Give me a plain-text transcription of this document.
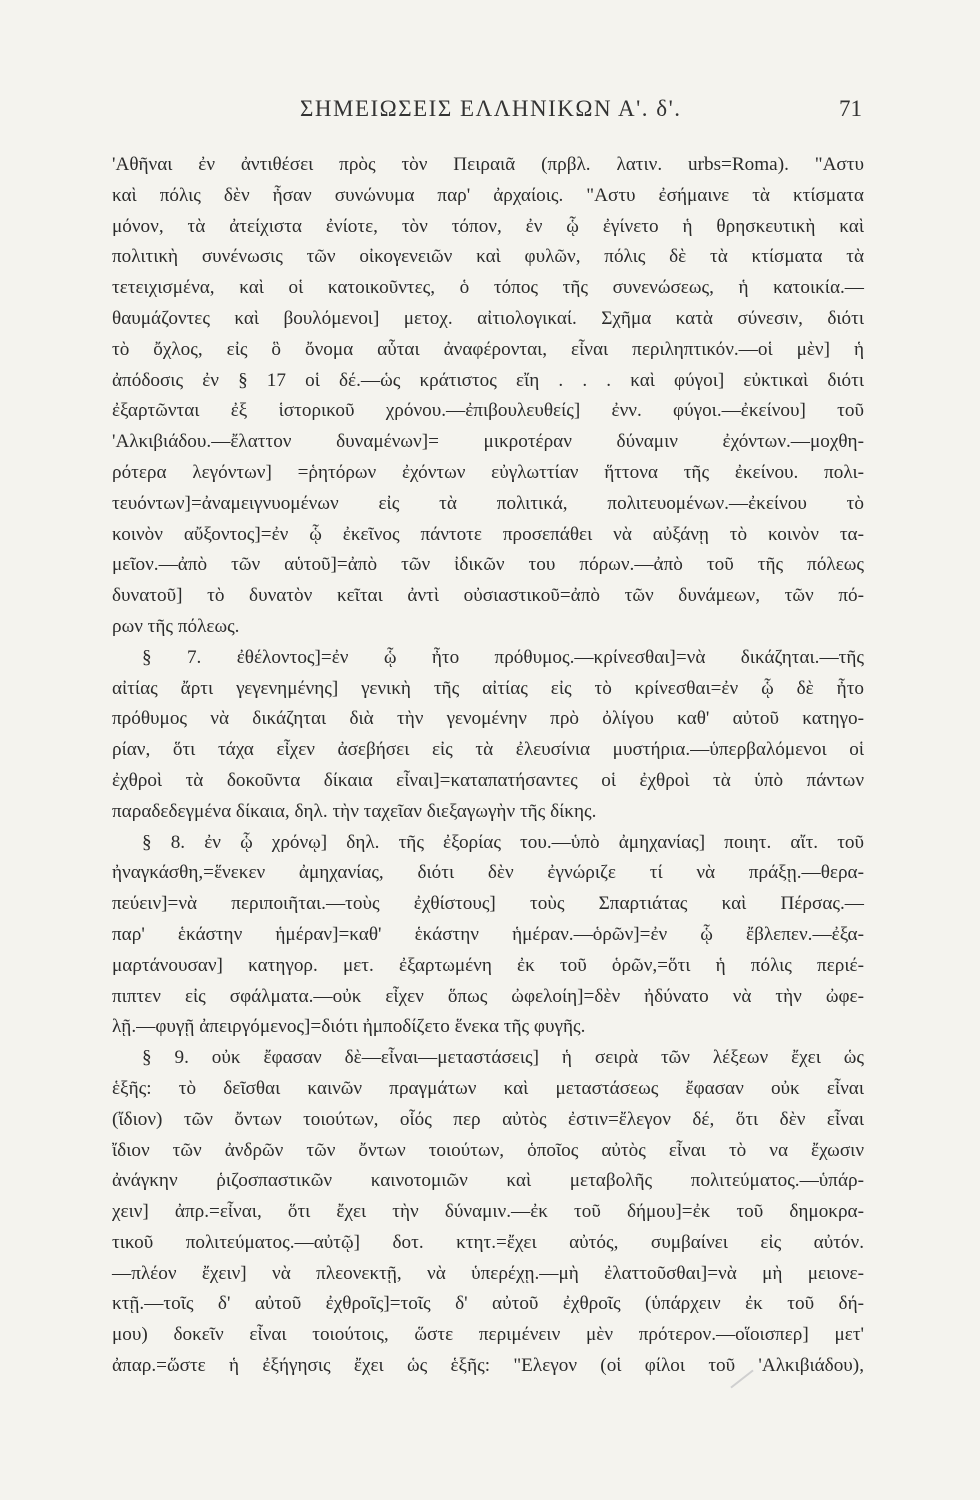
ΣΗΜΕΙΩΣΕΙΣ ΕΛΛΗΝΙΚΩΝ Α'. δ'.	71
'Αθῆναι ἐν ἀντιθέσει πρὸς τὸν Πειραιᾶ (πρβλ. λατιν. urbs=Roma). "Αστυ
καὶ πόλις δὲν ἦσαν συνώνυμα παρ' ἀρχαίοις. "Αστυ ἐσήμαινε τὰ κτίσματα
μόνον, τὰ ἀτείχιστα ἐνίοτε, τὸν τόπον, ἐν ᾧ ἐγίνετο ἡ θρησκευτικὴ καὶ
πολιτικὴ συνένωσις τῶν οἰκογενειῶν καὶ φυλῶν, πόλις δὲ τὰ κτίσματα τὰ
τετειχισμένα, καὶ οἱ κατοικοῦντες, ὁ τόπος τῆς συνενώσεως, ἡ κατοικία.—
θαυμάζοντες καὶ βουλόμενοι] μετοχ. αἰτιολογικαί. Σχῆμα κατὰ σύνεσιν, διότι
τὸ ὄχλος, εἰς ὃ ὄνομα αὗται ἀναφέρονται, εἶναι περιληπτικόν.—οἱ μὲν] ἡ
ἀπόδοσις ἐν § 17 οἱ δέ.—ὡς κράτιστος εἴη . . . καὶ φύγοι] εὐκτικαὶ διότι
ἐξαρτῶνται ἐξ ἱστορικοῦ χρόνου.—ἐπιβουλευθείς] ἐνν. φύγοι.—ἐκείνου] τοῦ
'Αλκιβιάδου.—ἔλαττον δυναμένων]= μικροτέραν δύναμιν ἐχόντων.—μοχθη-
ρότερα λεγόντων] =ῥητόρων ἐχόντων εὐγλωττίαν ἥττονα τῆς ἐκείνου. πολι-
τευόντων]=ἀναμειγνυομένων εἰς τὰ πολιτικά, πολιτευομένων.—ἐκείνου τὸ
κοινὸν αὔξοντος]=ἐν ᾧ ἐκεῖνος πάντοτε προσεπάθει νὰ αὐξάνῃ τὸ κοινὸν τα-
μεῖον.—ἀπὸ τῶν αὑτοῦ]=ἀπὸ τῶν ἰδικῶν του πόρων.—ἀπὸ τοῦ τῆς πόλεως
δυνατοῦ] τὸ δυνατὸν κεῖται ἀντὶ οὐσιαστικοῦ=ἀπὸ τῶν δυνάμεων, τῶν πό-
ρων τῆς πόλεως.
§ 7. ἐθέλοντος]=ἐν ᾧ ἦτο πρόθυμος.—κρίνεσθαι]=νὰ δικάζηται.—τῆς
αἰτίας ἄρτι γεγενημένης] γενικὴ τῆς αἰτίας εἰς τὸ κρίνεσθαι=ἐν ᾧ δὲ ἦτο
πρόθυμος νὰ δικάζηται διὰ τὴν γενομένην πρὸ ὀλίγου καθ' αὐτοῦ κατηγο-
ρίαν, ὅτι τάχα εἶχεν ἀσεβήσει εἰς τὰ ἐλευσίνια μυστήρια.—ὑπερβαλόμενοι οἱ
ἐχθροὶ τὰ δοκοῦντα δίκαια εἶναι]=καταπατήσαντες οἱ ἐχθροὶ τὰ ὑπὸ πάντων
παραδεδεγμένα δίκαια, δηλ. τὴν ταχεῖαν διεξαγωγὴν τῆς δίκης.
§ 8. ἐν ᾧ χρόνῳ] δηλ. τῆς ἐξορίας του.—ὑπὸ ἀμηχανίας] ποιητ. αἴτ. τοῦ
ἠναγκάσθη,=ἕνεκεν ἀμηχανίας, διότι δὲν ἐγνώριζε τί νὰ πράξῃ.—θερα-
πεύειν]=νὰ περιποιῆται.—τοὺς ἐχθίστους] τοὺς Σπαρτιάτας καὶ Πέρσας.—
παρ' ἑκάστην ἡμέραν]=καθ' ἑκάστην ἡμέραν.—ὁρῶν]=ἐν ᾧ ἔβλεπεν.—ἐξα-
μαρτάνουσαν] κατηγορ. μετ. ἐξαρτωμένη ἐκ τοῦ ὁρῶν,=ὅτι ἡ πόλις περιέ-
πιπτεν εἰς σφάλματα.—οὐκ εἶχεν ὅπως ὠφελοίη]=δὲν ἠδύνατο νὰ τὴν ὠφε-
λῇ.—φυγῇ ἀπειργόμενος]=διότι ἠμποδίζετο ἕνεκα τῆς φυγῆς.
§ 9. οὐκ ἔφασαν δὲ—εἶναι—μεταστάσεις] ἡ σειρὰ τῶν λέξεων ἔχει ὡς
ἑξῆς: τὸ δεῖσθαι καινῶν πραγμάτων καὶ μεταστάσεως ἔφασαν οὐκ εἶναι
(ἴδιον) τῶν ὄντων τοιούτων, οἷός περ αὐτὸς ἐστιν=ἔλεγον δέ, ὅτι δὲν εἶναι
ἴδιον τῶν ἀνδρῶν τῶν ὄντων τοιούτων, ὁποῖος αὐτὸς εἶναι τὸ να ἔχωσιν
ἀνάγκην ῥιζοσπαστικῶν καινοτομιῶν καὶ μεταβολῆς πολιτεύματος.—ὑπάρ-
χειν] ἀπρ.=εἶναι, ὅτι ἔχει τὴν δύναμιν.—ἐκ τοῦ δήμου]=ἐκ τοῦ δημοκρα-
τικοῦ πολιτεύματος.—αὐτῷ] δοτ. κτητ.=ἔχει αὐτός, συμβαίνει εἰς αὐτόν.
—πλέον ἔχειν] νὰ πλεονεκτῇ, νὰ ὑπερέχῃ.—μὴ ἐλαττοῦσθαι]=νὰ μὴ μειονε-
κτῇ.—τοῖς δ' αὐτοῦ ἐχθροῖς]=τοῖς δ' αὐτοῦ ἐχθροῖς (ὑπάρχειν ἐκ τοῦ δή-
μου) δοκεῖν εἶναι τοιούτοις, ὥστε περιμένειν μὲν πρότερον.—οἵοισπερ] μετ'
ἀπαρ.=ὥστε ἡ ἐξήγησις ἔχει ὡς ἑξῆς: "Ελεγον (οἱ φίλοι τοῦ 'Αλκιβιάδου),
